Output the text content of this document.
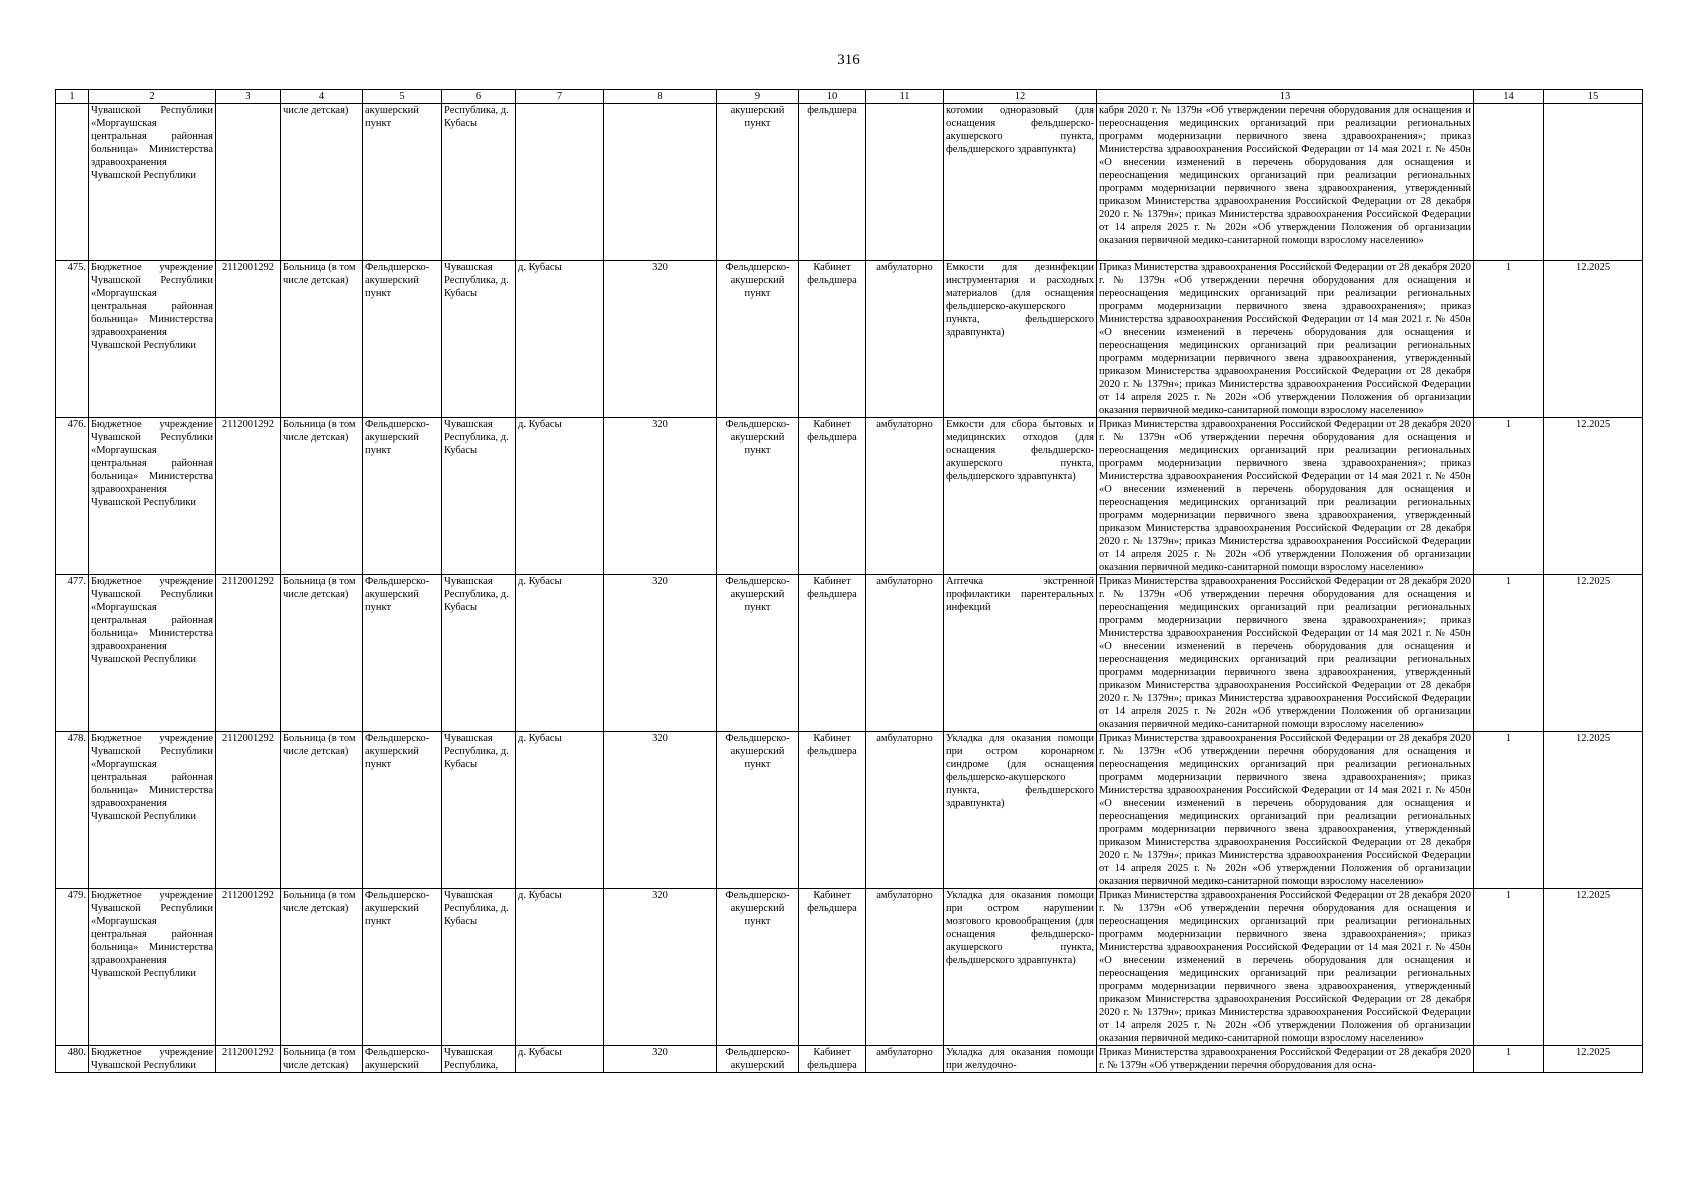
316
1	2	3	4	5	6	7	8	9	10	11	12	13	14	15
	Чувашской Республики «Моргаушская центральная районная больница» Министерства здравоохранения Чувашской Республики		числе детская)	акушерский пункт	Республика, д. Кубасы			акушерский пункт	фельдшера		котомии одноразовый (для оснащения фельдшерско-акушерского пункта, фельдшерского здравпункта)	кабря 2020 г. № 1379н «Об утверждении перечня оборудования для оснащения и переоснащения медицинских организаций при реализации региональных программ модернизации первичного звена здравоохранения»; приказ Министерства здравоохранения Российской Федерации от 14 мая 2021 г. № 450н «О внесении изменений в перечень оборудования для оснащения и переоснащения медицинских организаций при реализации региональных программ модернизации первичного звена здравоохранения, утвержденный приказом Министерства здравоохранения Российской Федерации от 28 декабря 2020 г. № 1379н»; приказ Министерства здравоохранения Российской Федерации от 14 апреля 2025 г. № 202н «Об утверждении Положения об организации оказания первичной медико-санитарной помощи взрослому населению»		
475.	Бюджетное учреждение Чувашской Республики «Моргаушская центральная районная больница» Министерства здравоохранения Чувашской Республики	2112001292	Больница (в том числе детская)	Фельдшерско-акушерский пункт	Чувашская Республика, д. Кубасы	д. Кубасы	320	Фельдшерско-акушерский пункт	Кабинет фельдшера	амбулаторно	Емкости для дезинфекции инструментария и расходных материалов (для оснащения фельдшерско-акушерского пункта, фельдшерского здравпункта)	Приказ Министерства здравоохранения Российской Федерации от 28 декабря 2020 г. № 1379н «Об утверждении перечня оборудования для оснащения и переоснащения медицинских организаций при реализации региональных программ модернизации первичного звена здравоохранения»; приказ Министерства здравоохранения Российской Федерации от 14 мая 2021 г. № 450н «О внесении изменений в перечень оборудования для оснащения и переоснащения медицинских организаций при реализации региональных программ модернизации первичного звена здравоохранения, утвержденный приказом Министерства здравоохранения Российской Федерации от 28 декабря 2020 г. № 1379н»; приказ Министерства здравоохранения Российской Федерации от 14 апреля 2025 г. № 202н «Об утверждении Положения об организации оказания первичной медико-санитарной помощи взрослому населению»	1	12.2025
476.	Бюджетное учреждение Чувашской Республики «Моргаушская центральная районная больница» Министерства здравоохранения Чувашской Республики	2112001292	Больница (в том числе детская)	Фельдшерско-акушерский пункт	Чувашская Республика, д. Кубасы	д. Кубасы	320	Фельдшерско-акушерский пункт	Кабинет фельдшера	амбулаторно	Емкости для сбора бытовых и медицинских отходов (для оснащения фельдшерско-акушерского пункта, фельдшерского здравпункта)	Приказ Министерства здравоохранения Российской Федерации от 28 декабря 2020 г. № 1379н «Об утверждении перечня оборудования для оснащения и переоснащения медицинских организаций при реализации региональных программ модернизации первичного звена здравоохранения»; приказ Министерства здравоохранения Российской Федерации от 14 мая 2021 г. № 450н «О внесении изменений в перечень оборудования для оснащения и переоснащения медицинских организаций при реализации региональных программ модернизации первичного звена здравоохранения, утвержденный приказом Министерства здравоохранения Российской Федерации от 28 декабря 2020 г. № 1379н»; приказ Министерства здравоохранения Российской Федерации от 14 апреля 2025 г. № 202н «Об утверждении Положения об организации оказания первичной медико-санитарной помощи взрослому населению»	1	12.2025
477.	Бюджетное учреждение Чувашской Республики «Моргаушская центральная районная больница» Министерства здравоохранения Чувашской Республики	2112001292	Больница (в том числе детская)	Фельдшерско-акушерский пункт	Чувашская Республика, д. Кубасы	д. Кубасы	320	Фельдшерско-акушерский пункт	Кабинет фельдшера	амбулаторно	Аптечка экстренной профилактики парентеральных инфекций	Приказ Министерства здравоохранения Российской Федерации от 28 декабря 2020 г. № 1379н «Об утверждении перечня оборудования для оснащения и переоснащения медицинских организаций при реализации региональных программ модернизации первичного звена здравоохранения»; приказ Министерства здравоохранения Российской Федерации от 14 мая 2021 г. № 450н «О внесении изменений в перечень оборудования для оснащения и переоснащения медицинских организаций при реализации региональных программ модернизации первичного звена здравоохранения, утвержденный приказом Министерства здравоохранения Российской Федерации от 28 декабря 2020 г. № 1379н»; приказ Министерства здравоохранения Российской Федерации от 14 апреля 2025 г. № 202н «Об утверждении Положения об организации оказания первичной медико-санитарной помощи взрослому населению»	1	12.2025
478.	Бюджетное учреждение Чувашской Республики «Моргаушская центральная районная больница» Министерства здравоохранения Чувашской Республики	2112001292	Больница (в том числе детская)	Фельдшерско-акушерский пункт	Чувашская Республика, д. Кубасы	д. Кубасы	320	Фельдшерско-акушерский пункт	Кабинет фельдшера	амбулаторно	Укладка для оказания помощи при остром коронарном синдроме (для оснащения фельдшерско-акушерского пункта, фельдшерского здравпункта)	Приказ Министерства здравоохранения Российской Федерации от 28 декабря 2020 г. № 1379н «Об утверждении перечня оборудования для оснащения и переоснащения медицинских организаций при реализации региональных программ модернизации первичного звена здравоохранения»; приказ Министерства здравоохранения Российской Федерации от 14 мая 2021 г. № 450н «О внесении изменений в перечень оборудования для оснащения и переоснащения медицинских организаций при реализации региональных программ модернизации первичного звена здравоохранения, утвержденный приказом Министерства здравоохранения Российской Федерации от 28 декабря 2020 г. № 1379н»; приказ Министерства здравоохранения Российской Федерации от 14 апреля 2025 г. № 202н «Об утверждении Положения об организации оказания первичной медико-санитарной помощи взрослому населению»	1	12.2025
479.	Бюджетное учреждение Чувашской Республики «Моргаушская центральная районная больница» Министерства здравоохранения Чувашской Республики	2112001292	Больница (в том числе детская)	Фельдшерско-акушерский пункт	Чувашская Республика, д. Кубасы	д. Кубасы	320	Фельдшерско-акушерский пункт	Кабинет фельдшера	амбулаторно	Укладка для оказания помощи при остром нарушении мозгового кровообращения (для оснащения фельдшерско-акушерского пункта, фельдшерского здравпункта)	Приказ Министерства здравоохранения Российской Федерации от 28 декабря 2020 г. № 1379н «Об утверждении перечня оборудования для оснащения и переоснащения медицинских организаций при реализации региональных программ модернизации первичного звена здравоохранения»; приказ Министерства здравоохранения Российской Федерации от 14 мая 2021 г. № 450н «О внесении изменений в перечень оборудования для оснащения и переоснащения медицинских организаций при реализации региональных программ модернизации первичного звена здравоохранения, утвержденный приказом Министерства здравоохранения Российской Федерации от 28 декабря 2020 г. № 1379н»; приказ Министерства здравоохранения Российской Федерации от 14 апреля 2025 г. № 202н «Об утверждении Положения об организации оказания первичной медико-санитарной помощи взрослому населению»	1	12.2025
480.	Бюджетное учреждение Чувашской Республики	2112001292	Больница (в том числе детская)	Фельдшерско-акушерский	Чувашская Республика,	д. Кубасы	320	Фельдшерско-акушерский	Кабинет фельдшера	амбулаторно	Укладка для оказания помощи при желудочно-	Приказ Министерства здравоохранения Российской Федерации от 28 декабря 2020 г. № 1379н «Об утверждении перечня оборудования для осна-	1	12.2025
